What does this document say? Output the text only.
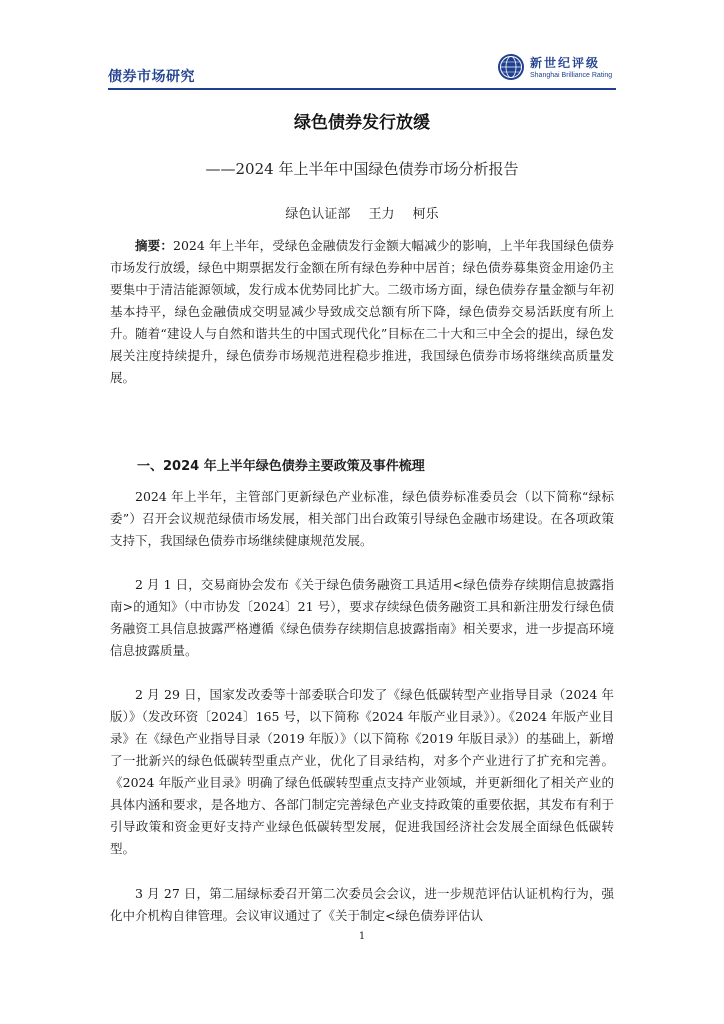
债券市场研究
新世纪评级
Shanghai Brilliance Rating
绿色债券发行放缓
——2024 年上半年中国绿色债券市场分析报告
绿色认证部 王力 柯乐

摘要：2024 年上半年，受绿色金融债发行金额大幅减少的影响，上半年我国绿色债券市场发行放缓，绿色中期票据发行金额在所有绿色券种中居首；绿色债券募集资金用途仍主要集中于清洁能源领域，发行成本优势同比扩大。二级市场方面，绿色债券存量金额与年初基本持平，绿色金融债成交明显减少导致成交总额有所下降，绿色债券交易活跃度有所上升。随着“建设人与自然和谐共生的中国式现代化”目标在二十大和三中全会的提出，绿色发展关注度持续提升，绿色债券市场规范进程稳步推进，我国绿色债券市场将继续高质量发展。

一、2024 年上半年绿色债券主要政策及事件梳理

2024 年上半年，主管部门更新绿色产业标准，绿色债券标准委员会（以下简称“绿标委”）召开会议规范绿债市场发展，相关部门出台政策引导绿色金融市场建设。在各项政策支持下，我国绿色债券市场继续健康规范发展。

2 月 1 日，交易商协会发布《关于绿色债务融资工具适用<绿色债券存续期信息披露指南>的通知》（中市协发〔2024〕21 号），要求存续绿色债务融资工具和新注册发行绿色债务融资工具信息披露严格遵循《绿色债券存续期信息披露指南》相关要求，进一步提高环境信息披露质量。

2 月 29 日，国家发改委等十部委联合印发了《绿色低碳转型产业指导目录（2024 年版）》（发改环资〔2024〕165 号，以下简称《2024 年版产业目录》）。《2024 年版产业目录》在《绿色产业指导目录（2019 年版）》（以下简称《2019 年版目录》）的基础上，新增了一批新兴的绿色低碳转型重点产业，优化了目录结构，对多个产业进行了扩充和完善。《2024 年版产业目录》明确了绿色低碳转型重点支持产业领域，并更新细化了相关产业的具体内涵和要求，是各地方、各部门制定完善绿色产业支持政策的重要依据，其发布有利于引导政策和资金更好支持产业绿色低碳转型发展，促进我国经济社会发展全面绿色低碳转型。

3 月 27 日，第二届绿标委召开第二次委员会会议，进一步规范评估认证机构行为，强化中介机构自律管理。会议审议通过了《关于制定<绿色债券评估认

1
